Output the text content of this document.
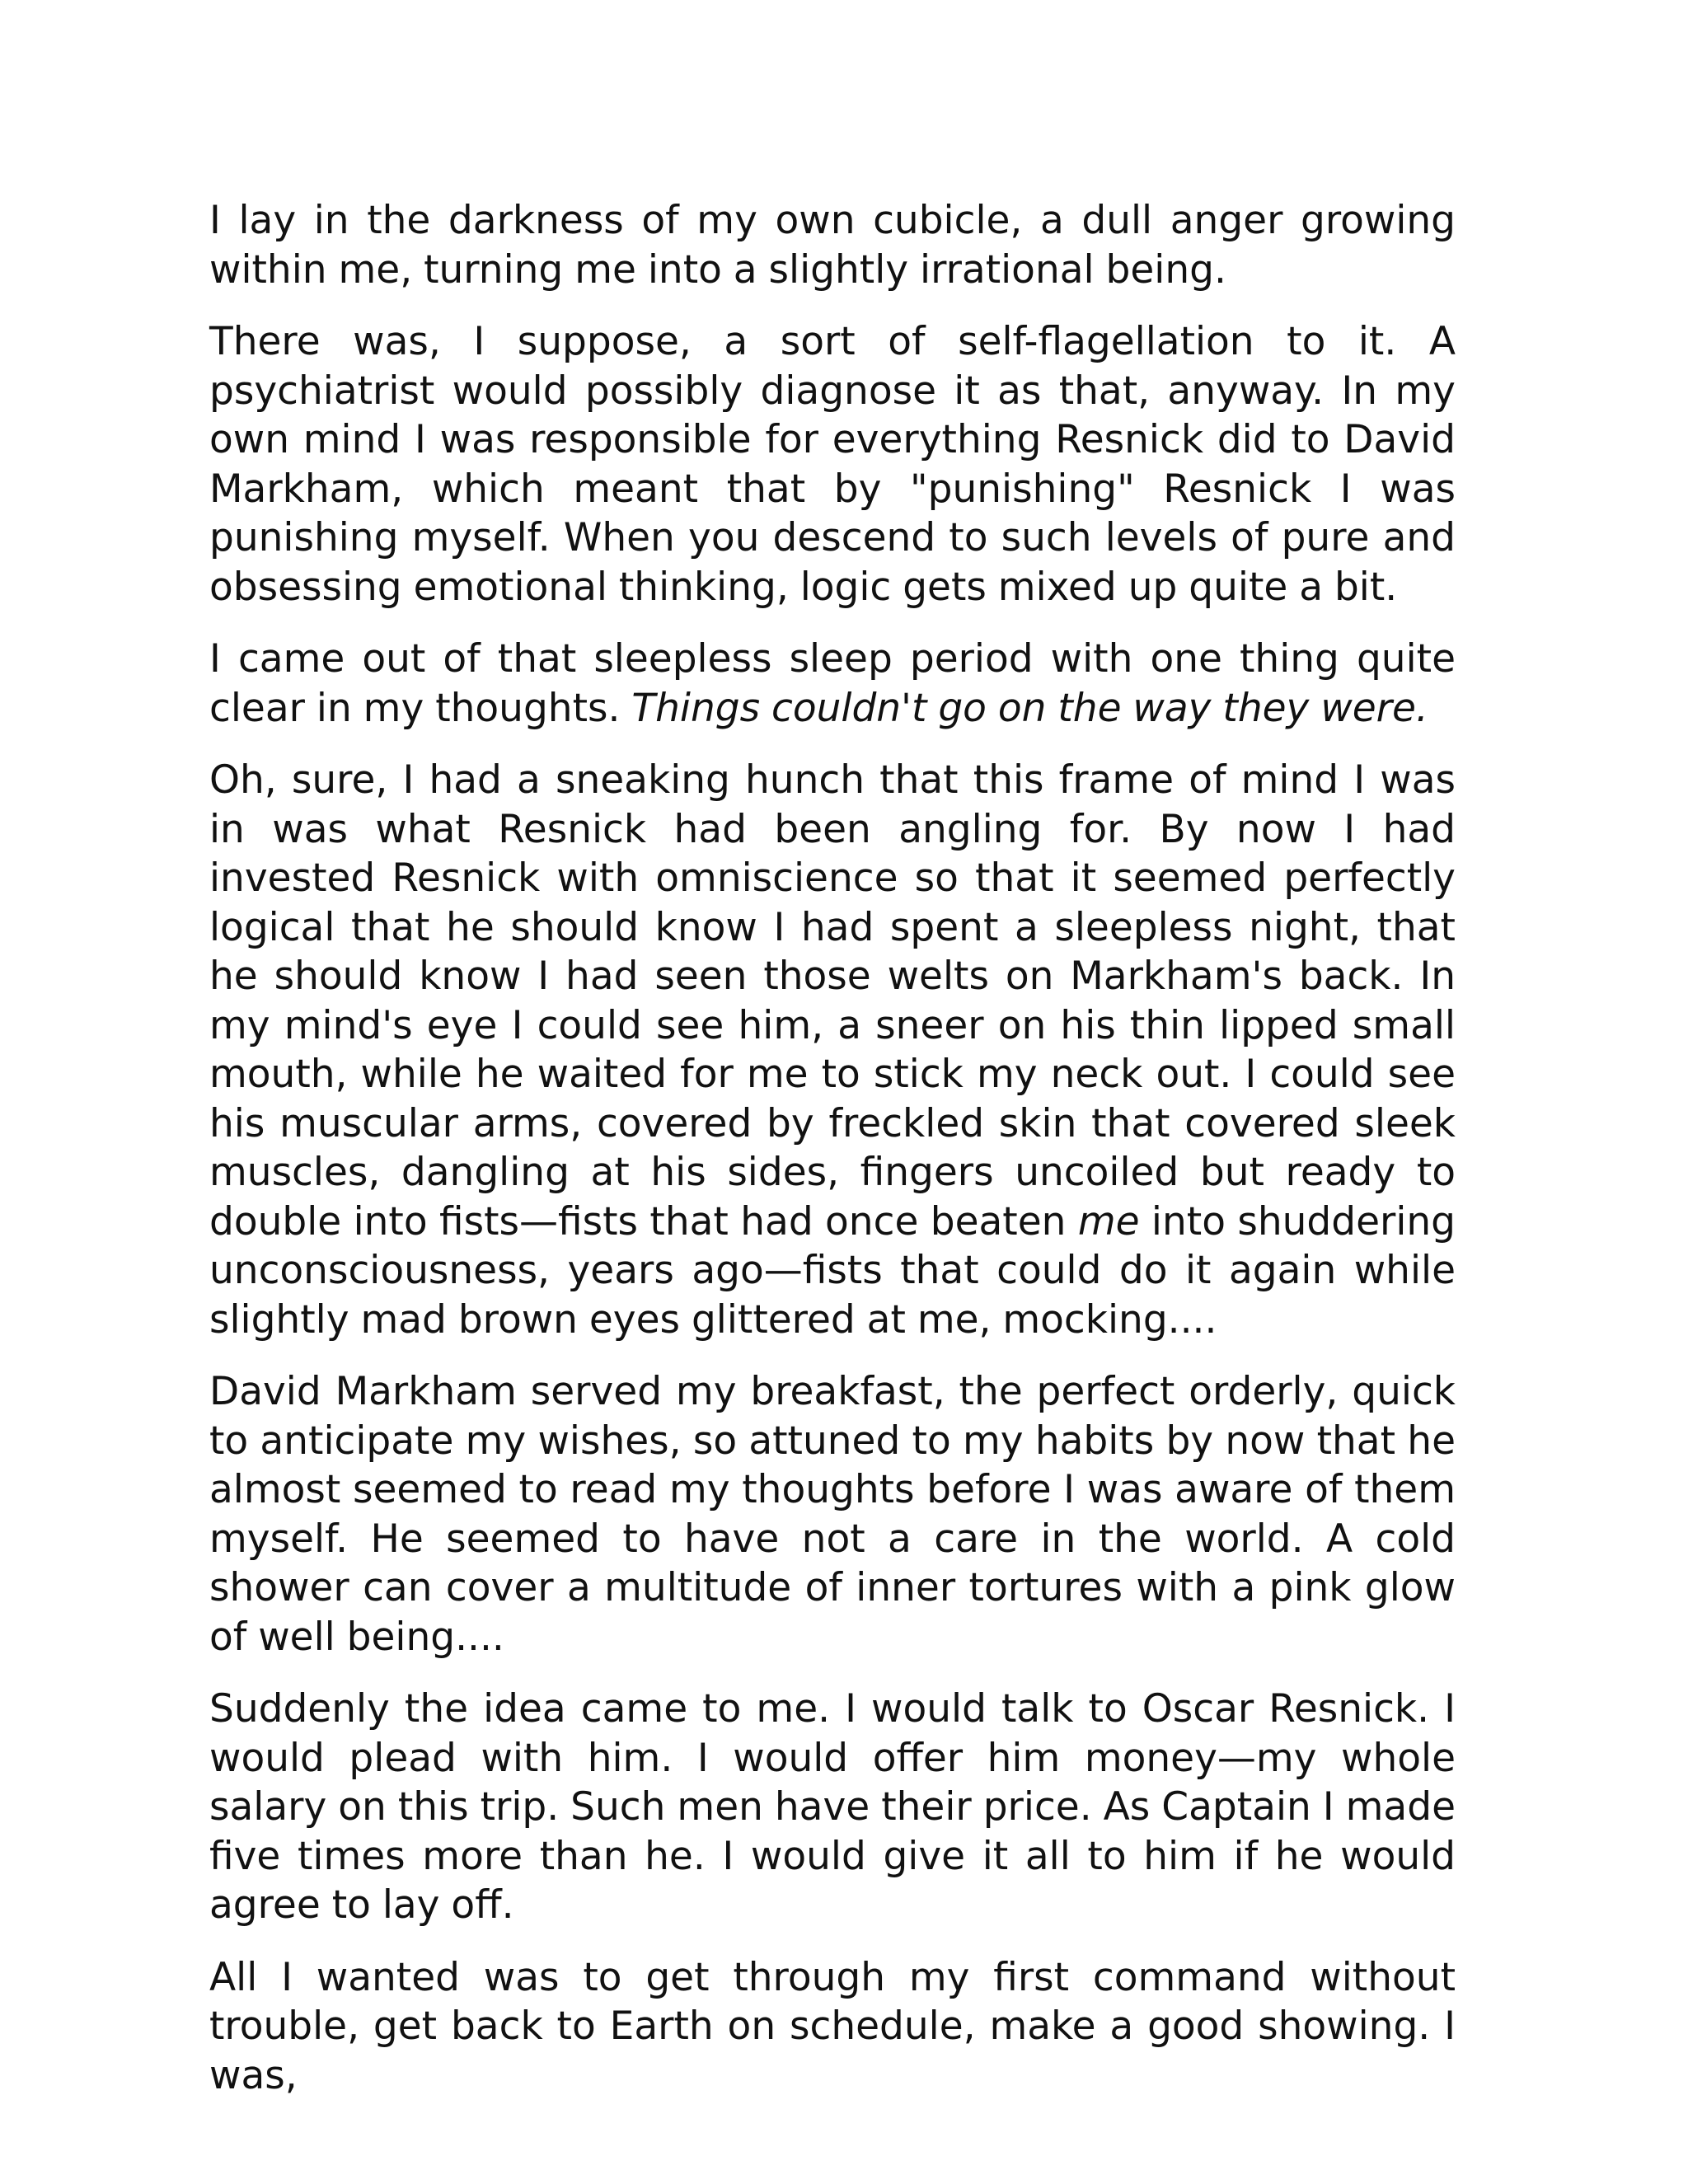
I lay in the darkness of my own cubicle, a dull anger growing within me, turning me into a slightly irrational being.

There was, I suppose, a sort of self-flagellation to it. A psychiatrist would possibly diagnose it as that, anyway. In my own mind I was responsible for everything Resnick did to David Markham, which meant that by "punishing" Resnick I was punishing myself. When you descend to such levels of pure and obsessing emotional thinking, logic gets mixed up quite a bit.

I came out of that sleepless sleep period with one thing quite clear in my thoughts. Things couldn't go on the way they were.

Oh, sure, I had a sneaking hunch that this frame of mind I was in was what Resnick had been angling for. By now I had invested Resnick with omniscience so that it seemed perfectly logical that he should know I had spent a sleepless night, that he should know I had seen those welts on Markham's back. In my mind's eye I could see him, a sneer on his thin lipped small mouth, while he waited for me to stick my neck out. I could see his muscular arms, covered by freckled skin that covered sleek muscles, dangling at his sides, fingers uncoiled but ready to double into fists—fists that had once beaten me into shuddering unconsciousness, years ago—fists that could do it again while slightly mad brown eyes glittered at me, mocking....

David Markham served my breakfast, the perfect orderly, quick to anticipate my wishes, so attuned to my habits by now that he almost seemed to read my thoughts before I was aware of them myself. He seemed to have not a care in the world. A cold shower can cover a multitude of inner tortures with a pink glow of well being....

Suddenly the idea came to me. I would talk to Oscar Resnick. I would plead with him. I would offer him money—my whole salary on this trip. Such men have their price. As Captain I made five times more than he. I would give it all to him if he would agree to lay off.

All I wanted was to get through my first command without trouble, get back to Earth on schedule, make a good showing. I was,
